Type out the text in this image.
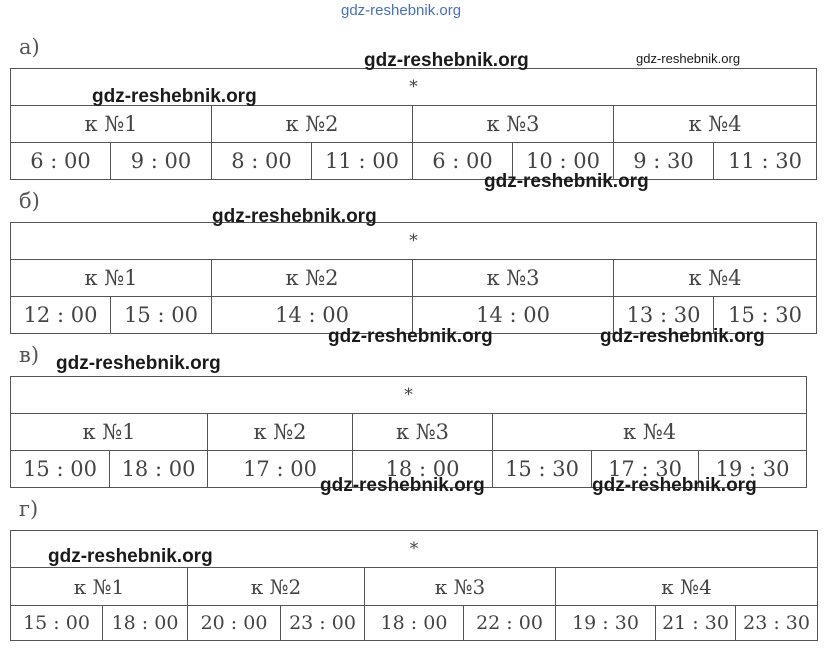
gdz-reshebnik.org
а)
*							
к №1		к №2		к №3		к №4	
6 : 00	9 : 00	8 : 00	11 : 00	6 : 00	10 : 00	9 : 30	11 : 30
б)
*					
к №1		к №2	к №3	к №4	
12 : 00	15 : 00	14 : 00	14 : 00	13 : 30	15 : 30
в)
*						
к №1		к №2	к №3	к №4		
15 : 00	18 : 00	17 : 00	18 : 00	15 : 30	17 : 30	19 : 30
г)
*								
к №1		к №2		к №3		к №4		
15 : 00	18 : 00	20 : 00	23 : 00	18 : 00	22 : 00	19 : 30	21 : 30	23 : 30
gdz-reshebnik.org	gdz-reshebnik.org
gdz-reshebnik.org
gdz-reshebnik.org
gdz-reshebnik.org
gdz-reshebnik.org	gdz-reshebnik.org
gdz-reshebnik.org
gdz-reshebnik.org	gdz-reshebnik.org
gdz-reshebnik.org
